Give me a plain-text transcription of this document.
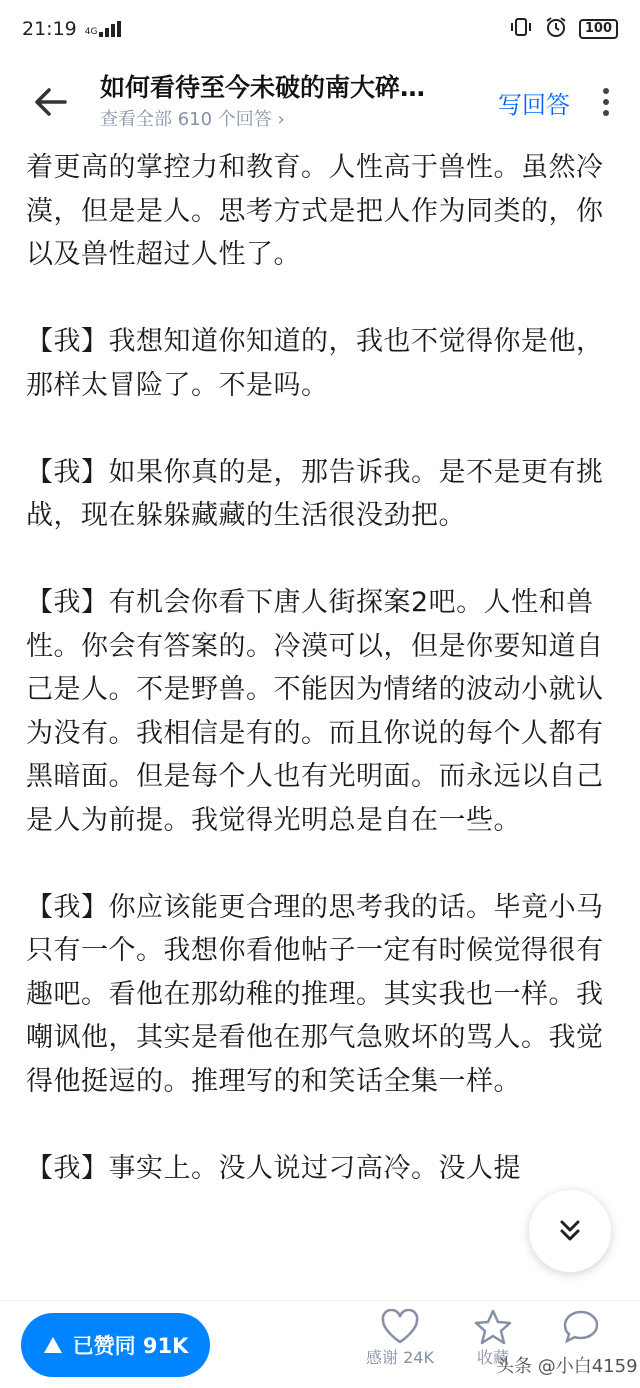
21:19 4G	100
如何看待至今未破的南大碎…
查看全部 610 个回答 ›
写回答

着更高的掌控力和教育。人性高于兽性。虽然冷漠，但是是人。思考方式是把人作为同类的，你以及兽性超过人性了。

【我】我想知道你知道的，我也不觉得你是他，那样太冒险了。不是吗。

【我】如果你真的是，那告诉我。是不是更有挑战，现在躲躲藏藏的生活很没劲把。

【我】有机会你看下唐人街探案2吧。人性和兽性。你会有答案的。冷漠可以，但是你要知道自己是人。不是野兽。不能因为情绪的波动小就认为没有。我相信是有的。而且你说的每个人都有黑暗面。但是每个人也有光明面。而永远以自己是人为前提。我觉得光明总是自在一些。

【我】你应该能更合理的思考我的话。毕竟小马只有一个。我想你看他帖子一定有时候觉得很有趣吧。看他在那幼稚的推理。其实我也一样。我嘲讽他，其实是看他在那气急败坏的骂人。我觉得他挺逗的。推理写的和笑话全集一样。

【我】事实上。没人说过刁高冷。没人提

已赞同 91K	感谢 24K	收藏
头条 @小白4159
